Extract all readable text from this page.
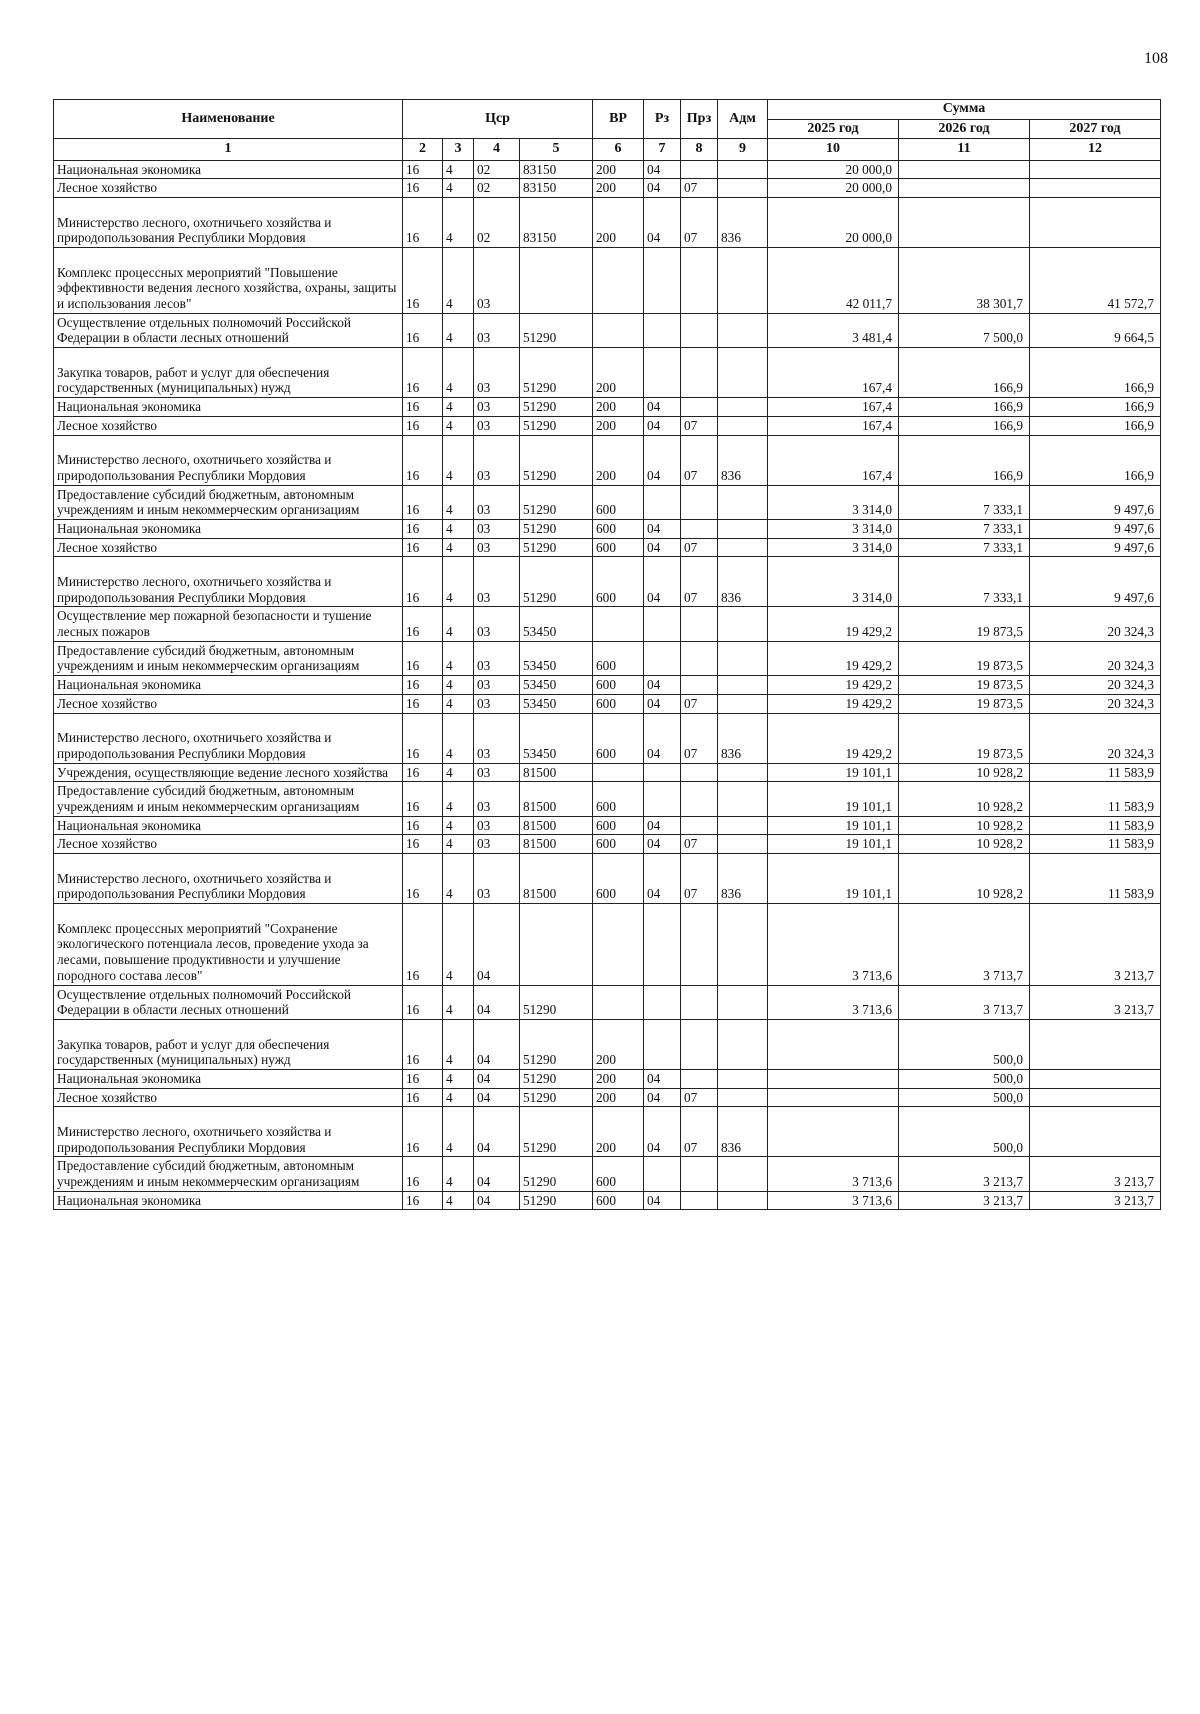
108
Наименование	Цср				ВР	Рз	Прз	Адм	Сумма		
									2025 год	2026 год	2027 год
1	2	3	4	5	6	7	8	9	10	11	12
Национальная экономика	16	4	02	83150	200	04			20 000,0		
Лесное хозяйство	16	4	02	83150	200	04	07		20 000,0		

Министерство лесного, охотничьего хозяйства и природопользования Республики Мордовия	16	4	02	83150	200	04	07	836	20 000,0		

Комплекс процессных мероприятий "Повышение эффективности ведения лесного хозяйства, охраны, защиты и использования лесов"	16	4	03						42 011,7	38 301,7	41 572,7
Осуществление отдельных полномочий Российской Федерации в области лесных отношений	16	4	03	51290					3 481,4	7 500,0	9 664,5

Закупка товаров, работ и услуг для обеспечения государственных (муниципальных) нужд	16	4	03	51290	200				167,4	166,9	166,9
Национальная экономика	16	4	03	51290	200	04			167,4	166,9	166,9
Лесное хозяйство	16	4	03	51290	200	04	07		167,4	166,9	166,9

Министерство лесного, охотничьего хозяйства и природопользования Республики Мордовия	16	4	03	51290	200	04	07	836	167,4	166,9	166,9
Предоставление субсидий бюджетным, автономным учреждениям и иным некоммерческим организациям	16	4	03	51290	600				3 314,0	7 333,1	9 497,6
Национальная экономика	16	4	03	51290	600	04			3 314,0	7 333,1	9 497,6
Лесное хозяйство	16	4	03	51290	600	04	07		3 314,0	7 333,1	9 497,6

Министерство лесного, охотничьего хозяйства и природопользования Республики Мордовия	16	4	03	51290	600	04	07	836	3 314,0	7 333,1	9 497,6
Осуществление мер пожарной безопасности и тушение лесных пожаров	16	4	03	53450					19 429,2	19 873,5	20 324,3
Предоставление субсидий бюджетным, автономным учреждениям и иным некоммерческим организациям	16	4	03	53450	600				19 429,2	19 873,5	20 324,3
Национальная экономика	16	4	03	53450	600	04			19 429,2	19 873,5	20 324,3
Лесное хозяйство	16	4	03	53450	600	04	07		19 429,2	19 873,5	20 324,3

Министерство лесного, охотничьего хозяйства и природопользования Республики Мордовия	16	4	03	53450	600	04	07	836	19 429,2	19 873,5	20 324,3
Учреждения, осуществляющие ведение лесного хозяйства	16	4	03	81500					19 101,1	10 928,2	11 583,9
Предоставление субсидий бюджетным, автономным учреждениям и иным некоммерческим организациям	16	4	03	81500	600				19 101,1	10 928,2	11 583,9
Национальная экономика	16	4	03	81500	600	04			19 101,1	10 928,2	11 583,9
Лесное хозяйство	16	4	03	81500	600	04	07		19 101,1	10 928,2	11 583,9

Министерство лесного, охотничьего хозяйства и природопользования Республики Мордовия	16	4	03	81500	600	04	07	836	19 101,1	10 928,2	11 583,9

Комплекс процессных мероприятий "Сохранение экологического потенциала лесов, проведение ухода за лесами, повышение продуктивности и улучшение породного состава лесов"	16	4	04						3 713,6	3 713,7	3 213,7
Осуществление отдельных полномочий Российской Федерации в области лесных отношений	16	4	04	51290					3 713,6	3 713,7	3 213,7

Закупка товаров, работ и услуг для обеспечения государственных (муниципальных) нужд	16	4	04	51290	200					500,0	
Национальная экономика	16	4	04	51290	200	04				500,0	
Лесное хозяйство	16	4	04	51290	200	04	07			500,0	

Министерство лесного, охотничьего хозяйства и природопользования Республики Мордовия	16	4	04	51290	200	04	07	836		500,0	
Предоставление субсидий бюджетным, автономным учреждениям и иным некоммерческим организациям	16	4	04	51290	600				3 713,6	3 213,7	3 213,7
Национальная экономика	16	4	04	51290	600	04			3 713,6	3 213,7	3 213,7
